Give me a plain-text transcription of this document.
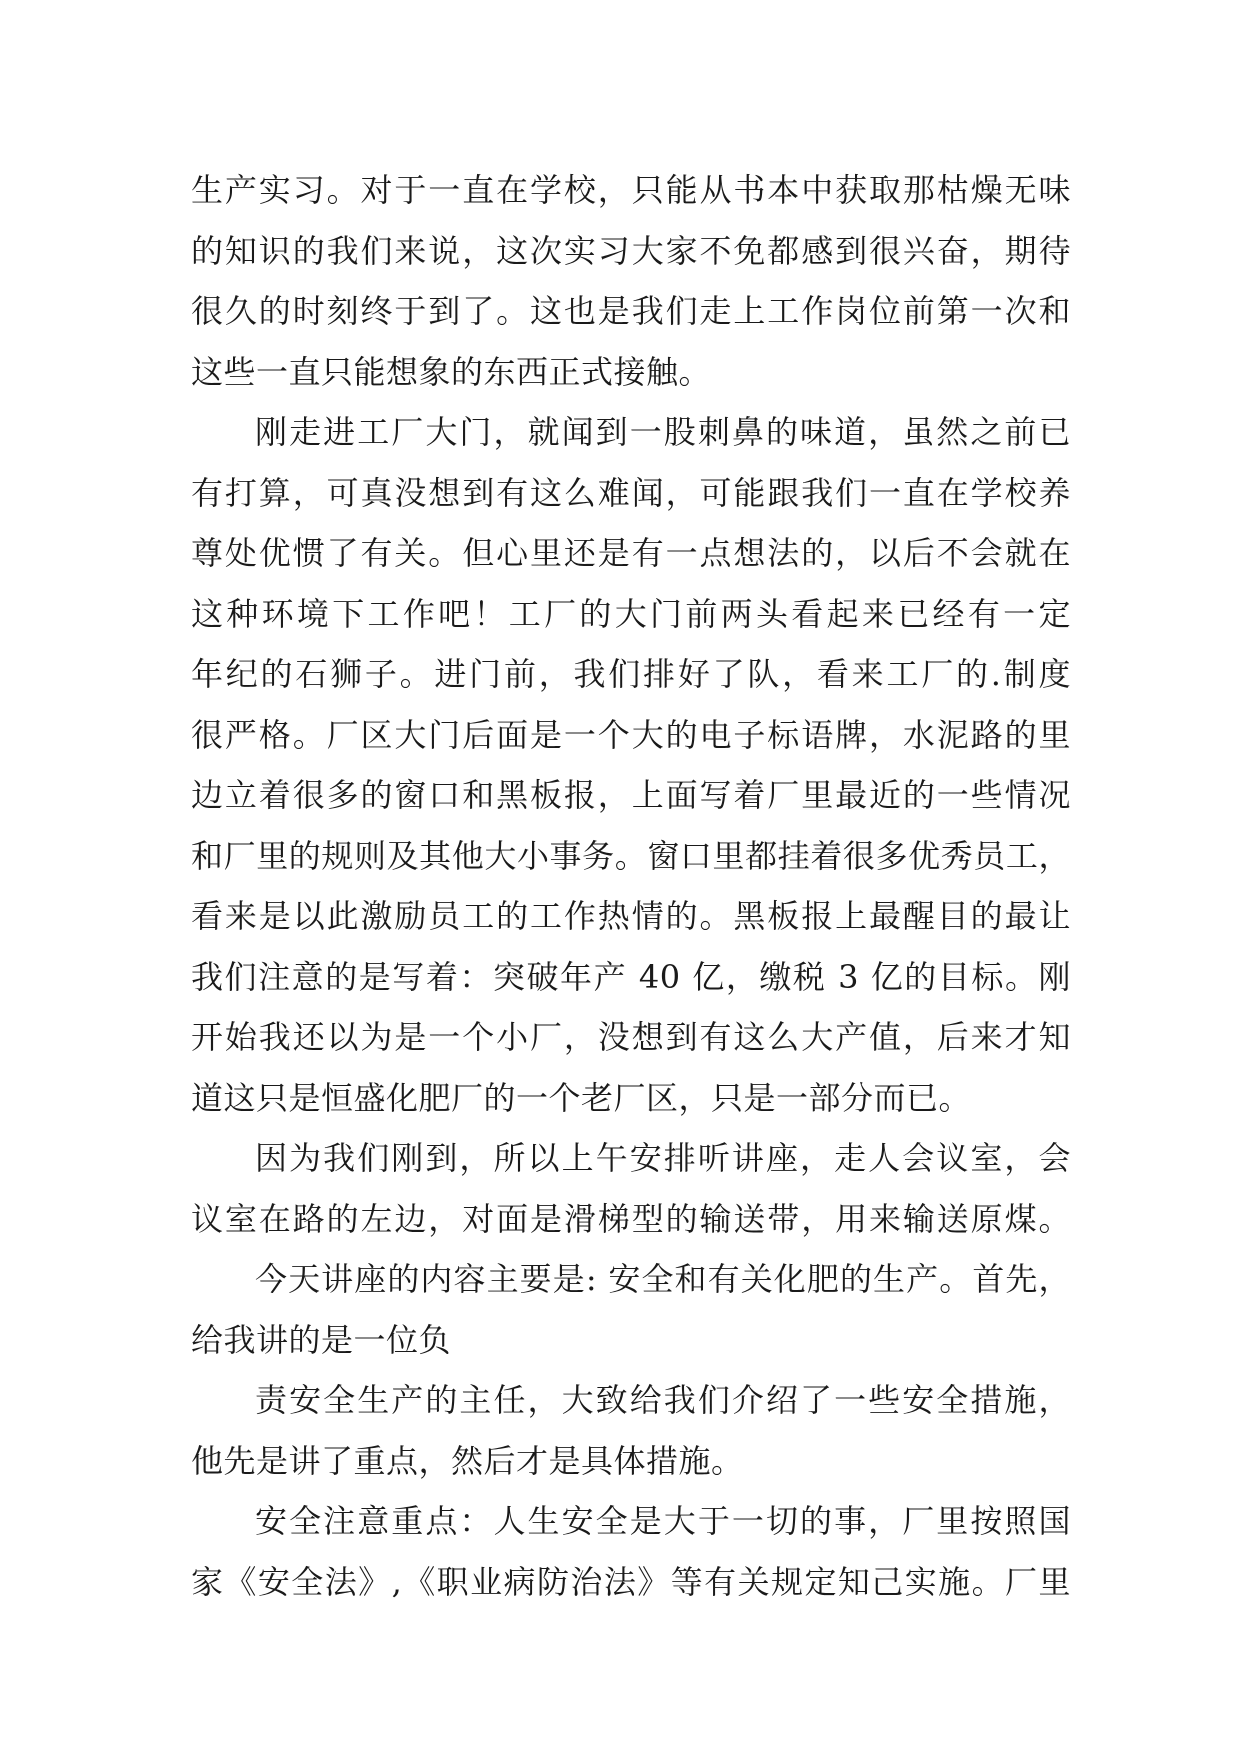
生产实习。对于一直在学校，只能从书本中获取那枯燥无味
的知识的我们来说，这次实习大家不免都感到很兴奋，期待
很久的时刻终于到了。这也是我们走上工作岗位前第一次和
这些一直只能想象的东西正式接触。
刚走进工厂大门，就闻到一股刺鼻的味道，虽然之前已
有打算，可真没想到有这么难闻，可能跟我们一直在学校养
尊处优惯了有关。但心里还是有一点想法的，以后不会就在
这种环境下工作吧！工厂的大门前两头看起来已经有一定
年纪的石狮子。进门前，我们排好了队，看来工厂的.制度
很严格。厂区大门后面是一个大的电子标语牌，水泥路的里
边立着很多的窗口和黑板报，上面写着厂里最近的一些情况
和厂里的规则及其他大小事务。窗口里都挂着很多优秀员工，
看来是以此激励员工的工作热情的。黑板报上最醒目的最让
我们注意的是写着：突破年产 40 亿，缴税 3 亿的目标。刚
开始我还以为是一个小厂，没想到有这么大产值，后来才知
道这只是恒盛化肥厂的一个老厂区，只是一部分而已。
因为我们刚到，所以上午安排听讲座，走人会议室，会
议室在路的左边，对面是滑梯型的输送带，用来输送原煤。
今天讲座的内容主要是: 安全和有关化肥的生产。首先，
给我讲的是一位负
责安全生产的主任，大致给我们介绍了一些安全措施，
他先是讲了重点，然后才是具体措施。
安全注意重点：人生安全是大于一切的事，厂里按照国
家《安全法》,《职业病防治法》等有关规定知己实施。厂里
